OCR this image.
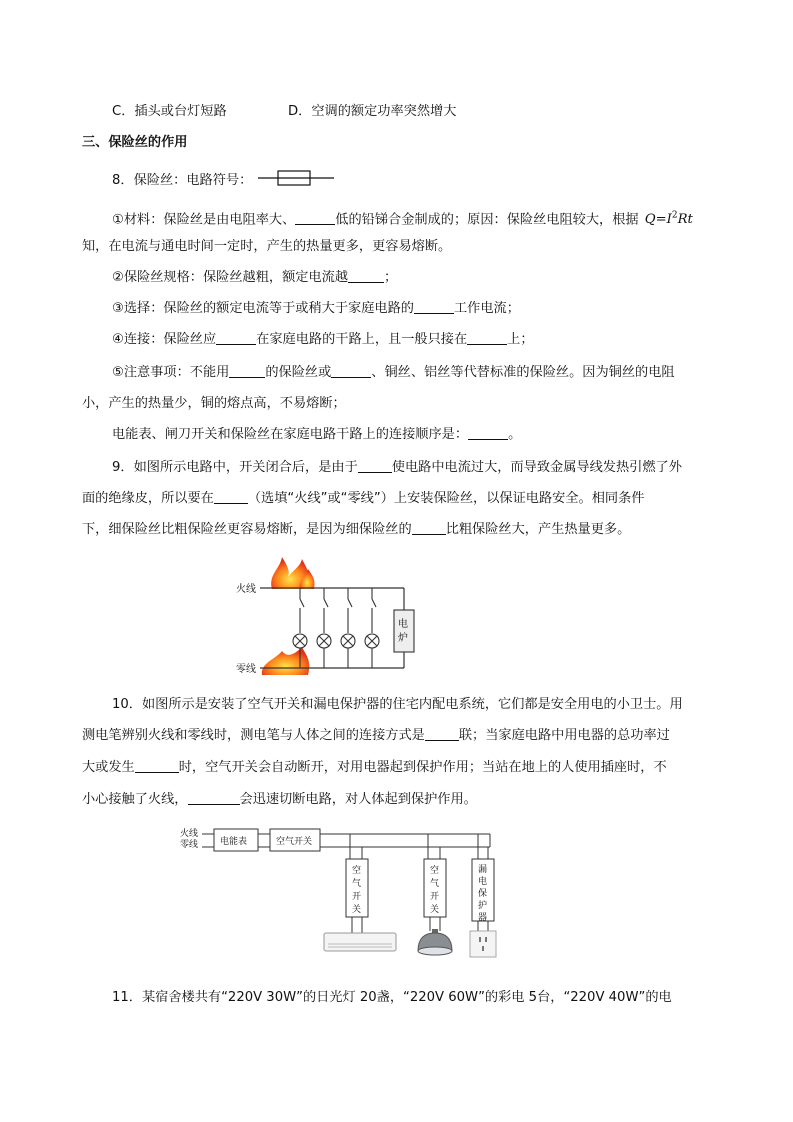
C．插头或台灯短路	D．空调的额定功率突然增大
三、保险丝的作用
8．保险丝：电路符号：
①材料：保险丝是由电阻率大、	低的铅锑合金制成的；原因：保险丝电阻较大，根据 $Q=I^2Rt$
知，在电流与通电时间一定时，产生的热量更多，更容易熔断。
②保险丝规格：保险丝越粗，额定电流越	；
③选择：保险丝的额定电流等于或稍大于家庭电路的	工作电流；
④连接：保险丝应	在家庭电路的干路上，且一般只接在	上；
⑤注意事项：不能用	的保险丝或	、铜丝、铝丝等代替标准的保险丝。因为铜丝的电阻
小，产生的热量少，铜的熔点高，不易熔断；
电能表、闸刀开关和保险丝在家庭电路干路上的连接顺序是：	。
9．如图所示电路中，开关闭合后，是由于	使电路中电流过大，而导致金属导线发热引燃了外
面的绝缘皮，所以要在	（选填“火线”或“零线”）上安装保险丝，以保证电路安全。相同条件
下，细保险丝比粗保险丝更容易熔断，是因为细保险丝的	比粗保险丝大，产生热量更多。
火线
零线
电
炉
10．如图所示是安装了空气开关和漏电保护器的住宅内配电系统，它们都是安全用电的小卫士。用
测电笔辨别火线和零线时，测电笔与人体之间的连接方式是	联；当家庭电路中用电器的总功率过
大或发生	时，空气开关会自动断开，对用电器起到保护作用；当站在地上的人使用插座时，不
小心接触了火线，	会迅速切断电路，对人体起到保护作用。
火线
零线 电能表	空气开关
空
气
开
关
空
气
开
关
漏
电
保
护
器
11．某宿舍楼共有“220V 30W”的日光灯 20盏，“220V 60W”的彩电 5台，“220V 40W”的电
